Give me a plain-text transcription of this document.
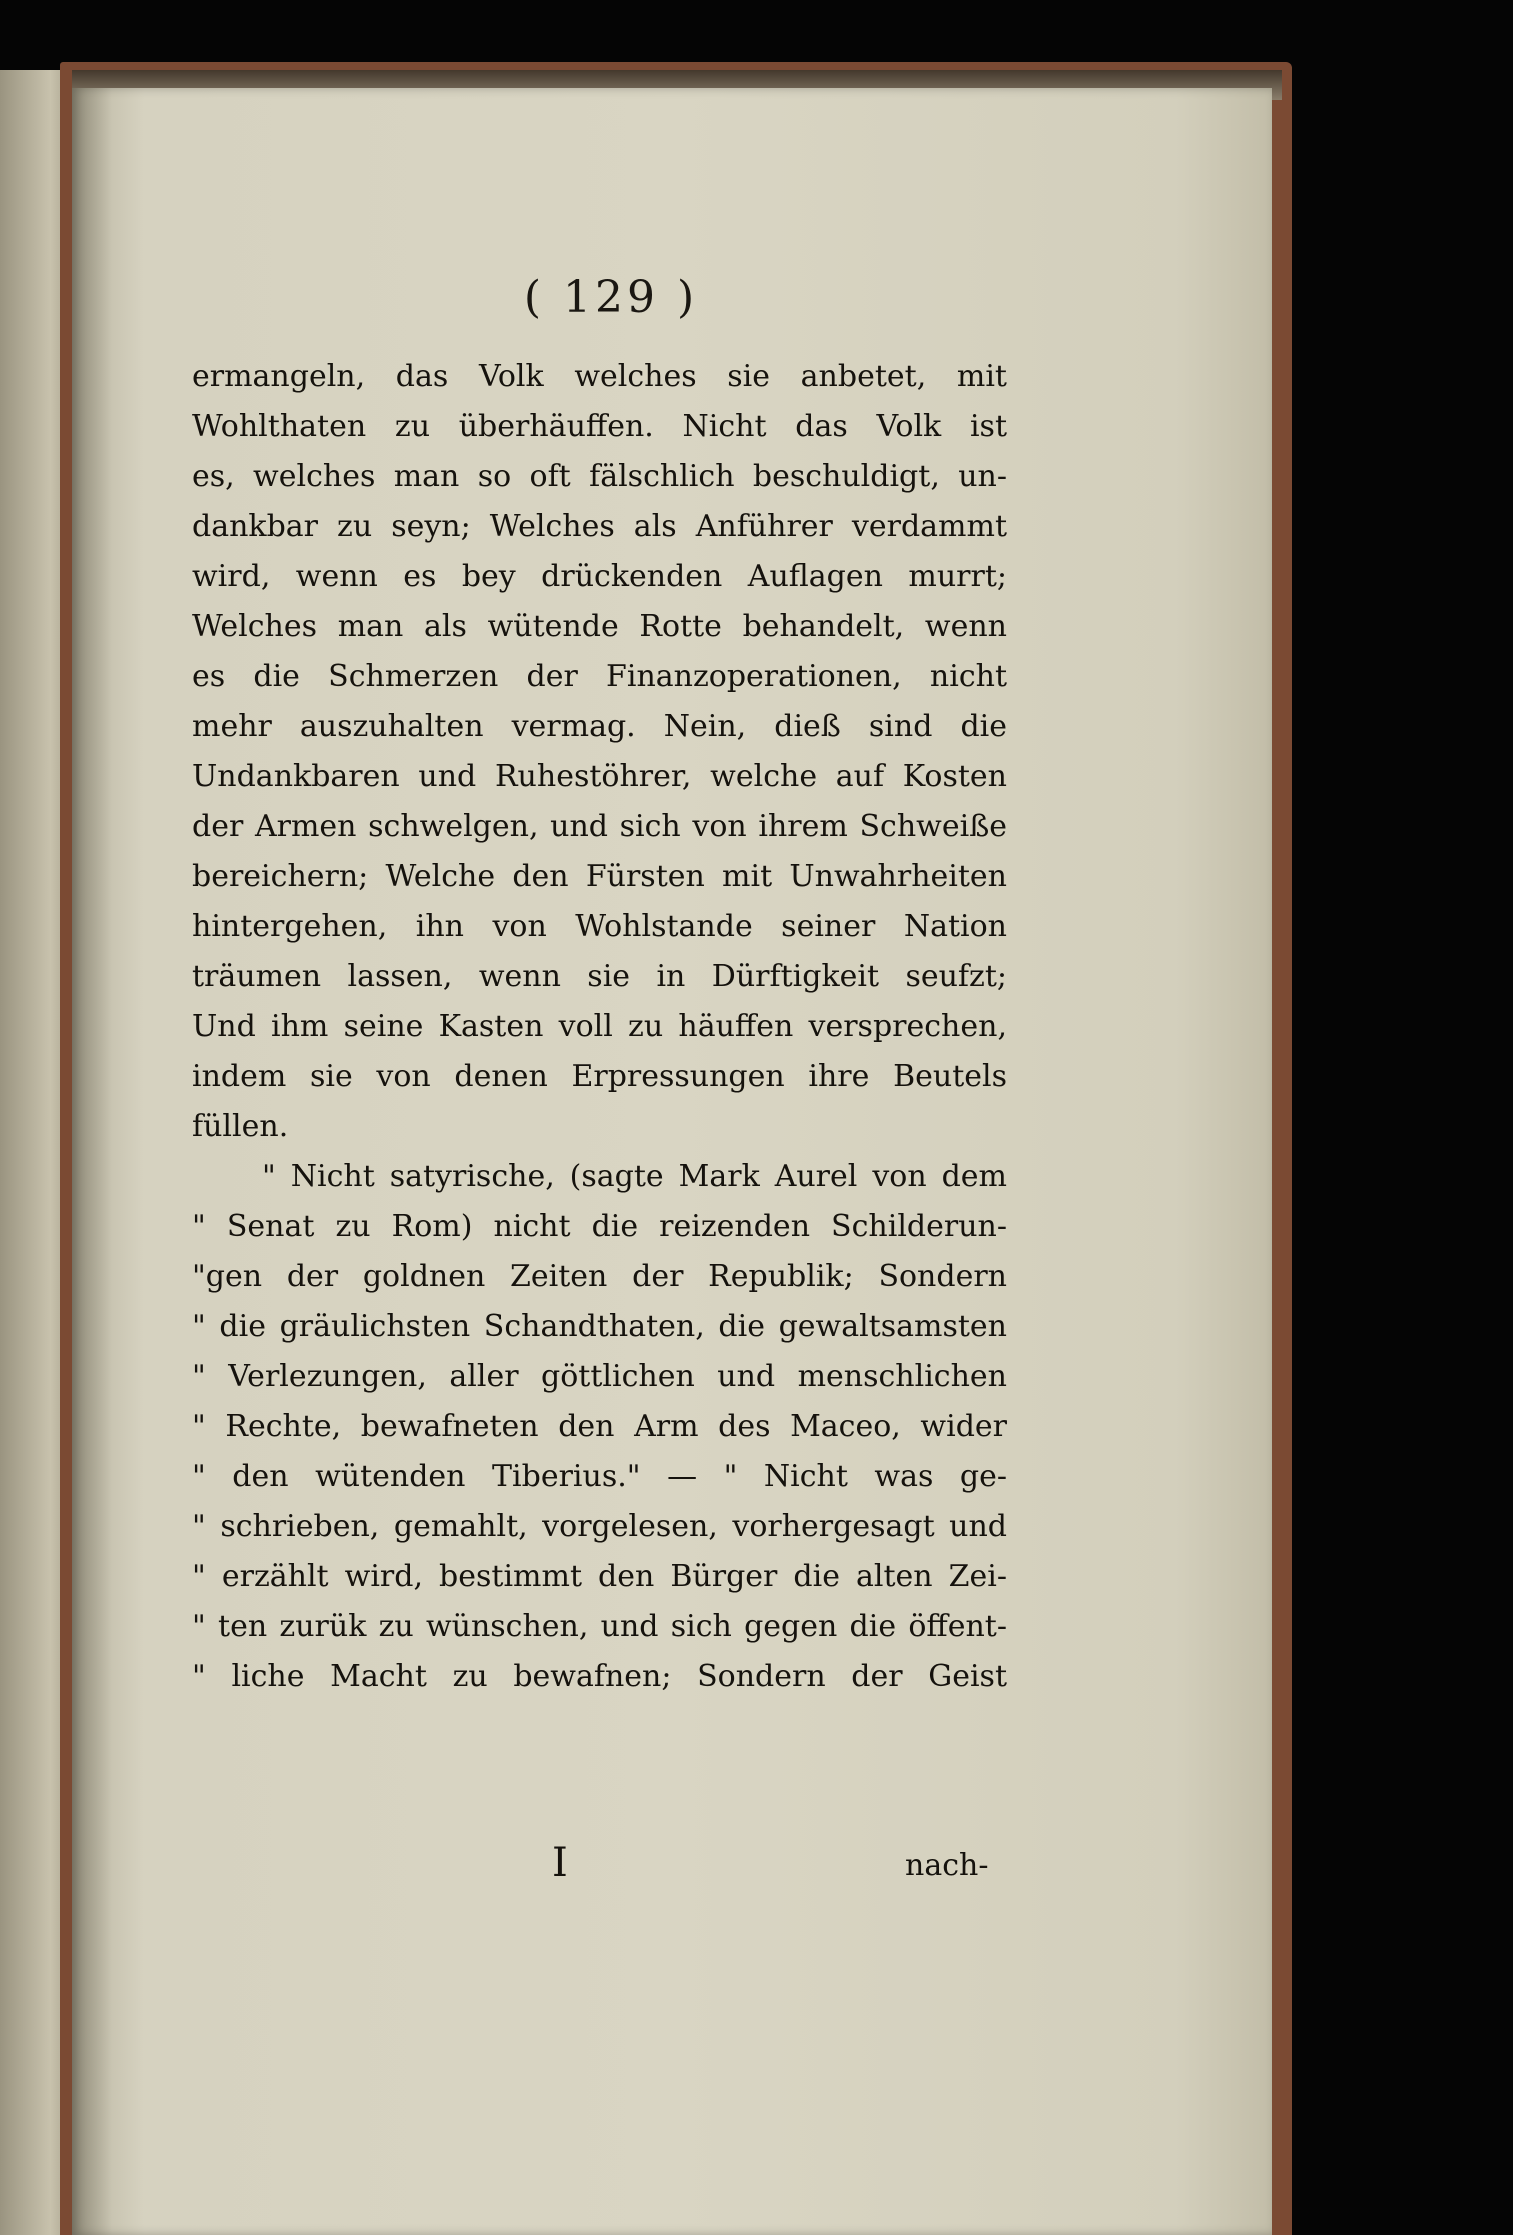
( 129 )
ermangeln, das Volk welches sie anbetet, mit
Wohlthaten zu überhäuffen. Nicht das Volk ist
es, welches man so oft fälschlich beschuldigt, un-
dankbar zu seyn; Welches als Anführer verdammt
wird, wenn es bey drückenden Auflagen murrt;
Welches man als wütende Rotte behandelt, wenn
es die Schmerzen der Finanzoperationen, nicht
mehr auszuhalten vermag. Nein, dieß sind die
Undankbaren und Ruhestöhrer, welche auf Kosten
der Armen schwelgen, und sich von ihrem Schweiße
bereichern; Welche den Fürsten mit Unwahrheiten
hintergehen, ihn von Wohlstande seiner Nation
träumen lassen, wenn sie in Dürftigkeit seufzt;
Und ihm seine Kasten voll zu häuffen versprechen,
indem sie von denen Erpressungen ihre Beutels
füllen.
" Nicht satyrische, (sagte Mark Aurel von dem
" Senat zu Rom) nicht die reizenden Schilderun-
"gen der goldnen Zeiten der Republik; Sondern
" die gräulichsten Schandthaten, die gewaltsamsten
" Verlezungen, aller göttlichen und menschlichen
" Rechte, bewafneten den Arm des Maceo, wider
" den wütenden Tiberius." — " Nicht was ge-
" schrieben, gemahlt, vorgelesen, vorhergesagt und
" erzählt wird, bestimmt den Bürger die alten Zei-
" ten zurük zu wünschen, und sich gegen die öffent-
" liche Macht zu bewafnen; Sondern der Geist
I	nach-
